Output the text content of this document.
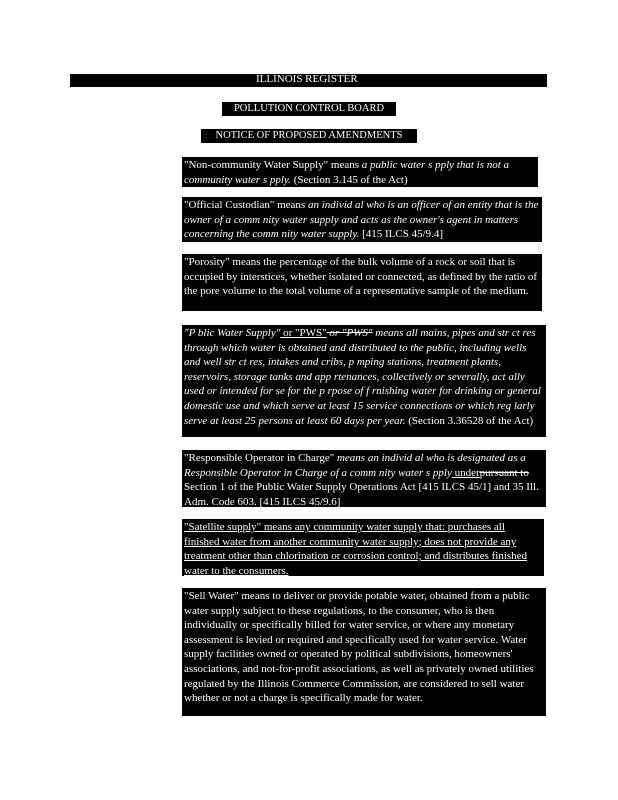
ILLINOIS REGISTER
POLLUTION CONTROL BOARD
NOTICE OF PROPOSED AMENDMENTS

"Non-community Water Supply" means a public water s pply that is not a community water s pply. (Section 3.145 of the Act)

"Official Custodian" means an individ al who is an officer of an entity that is the owner of a comm nity water supply and acts as the owner's agent in matters concerning the comm nity water supply. [415 ILCS 45/9.4]

"Porosity" means the percentage of the bulk volume of a rock or soil that is occupied by interstices, whether isolated or connected, as defined by the ratio of the pore volume to the total volume of a representative sample of the medium.

"P blic Water Supply" or "PWS" or "PWS" means all mains, pipes and str ct res through which water is obtained and distributed to the public, including wells and well str ct res, intakes and cribs, p mping stations, treatment plants, reservoirs, storage tanks and app rtenances, collectively or severally, act ally used or intended for se for the p rpose of f rnishing water for drinking or general domestic use and which serve at least 15 service connections or which reg larly serve at least 25 persons at least 60 days per year. (Section 3.36528 of the Act)

"Responsible Operator in Charge" means an individ al who is designated as a Responsible Operator in Charge of a comm nity water s pply underpursuant to Section 1 of the Public Water Supply Operations Act [415 ILCS 45/1] and 35 Ill. Adm. Code 603. [415 ILCS 45/9.6]

"Satellite supply" means any community water supply that: purchases all finished water from another community water supply; does not provide any treatment other than chlorination or corrosion control; and distributes finished water to the consumers.

"Sell Water" means to deliver or provide potable water, obtained from a public water supply subject to these regulations, to the consumer, who is then individually or specifically billed for water service, or where any monetary assessment is levied or required and specifically used for water service. Water supply facilities owned or operated by political subdivisions, homeowners' associations, and not-for-profit associations, as well as privately owned utilities regulated by the Illinois Commerce Commission, are considered to sell water whether or not a charge is specifically made for water.
